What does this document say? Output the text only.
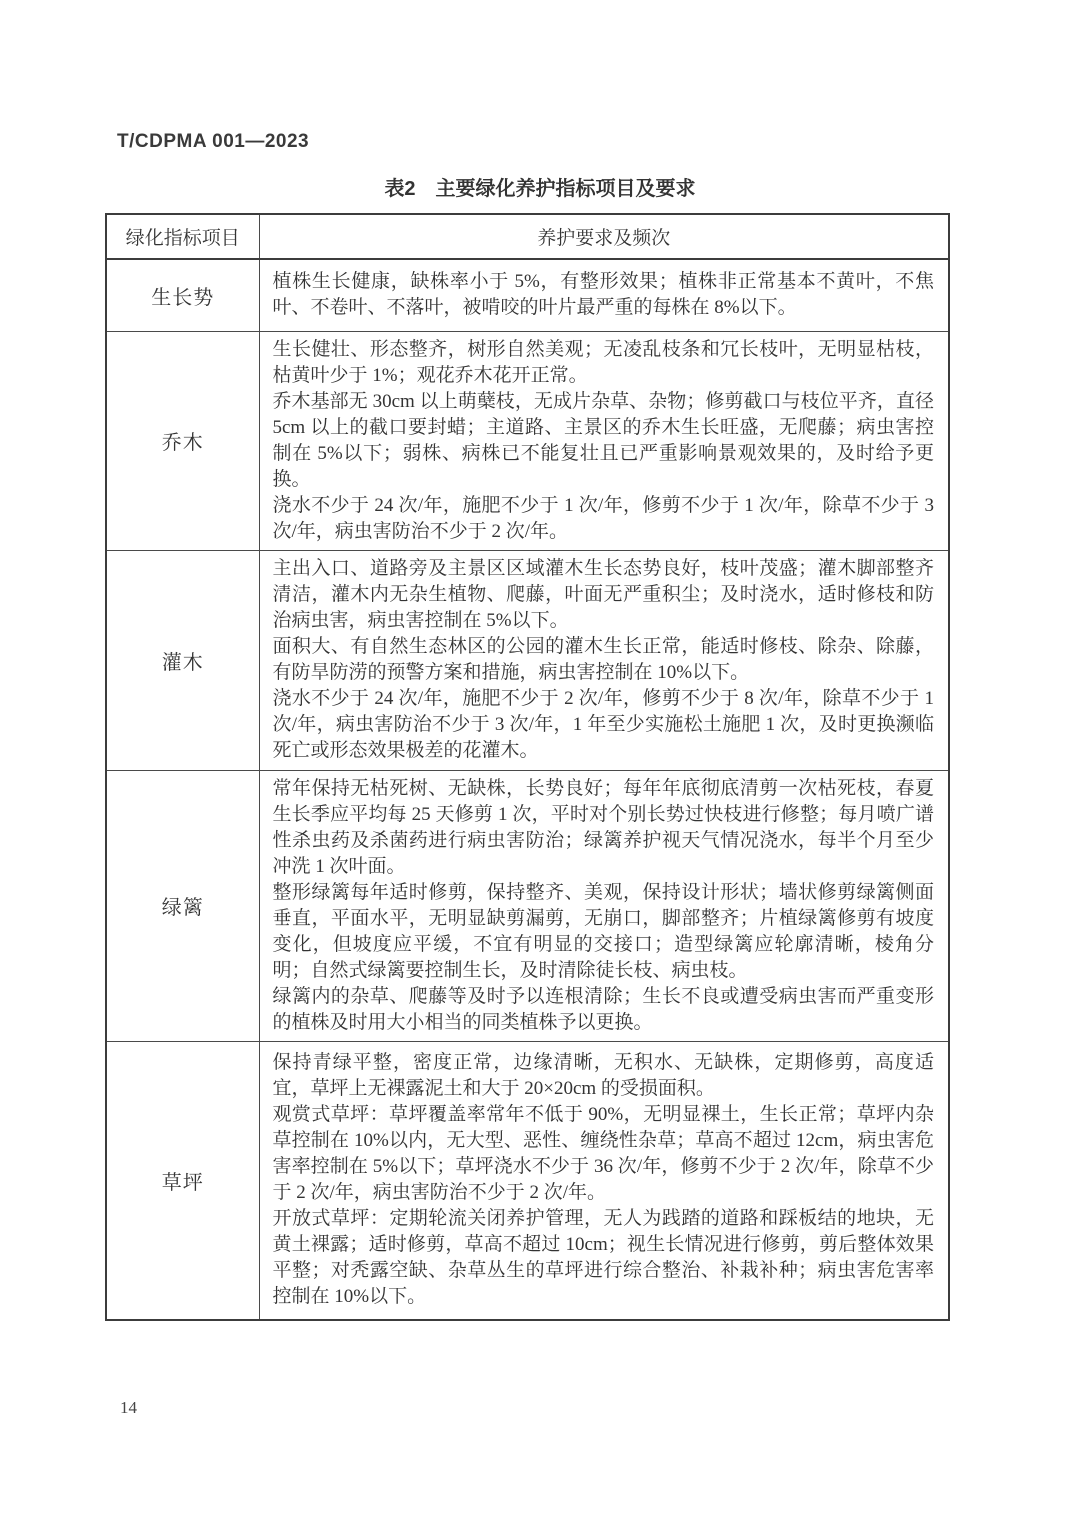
T/CDPMA 001—2023
表2　主要绿化养护指标项目及要求
绿化指标项目	养护要求及频次
生长势	植株生长健康，缺株率小于 5%，有整形效果；植株非正常基本不黄叶，不焦叶、不卷叶、不落叶，被啃咬的叶片最严重的每株在 8%以下。

乔木	生长健壮、形态整齐，树形自然美观；无凌乱枝条和冗长枝叶，无明显枯枝，枯黄叶少于 1%；观花乔木花开正常。

乔木基部无 30cm 以上萌蘖枝，无成片杂草、杂物；修剪截口与枝位平齐，直径 5cm 以上的截口要封蜡；主道路、主景区的乔木生长旺盛，无爬藤；病虫害控制在 5%以下；弱株、病株已不能复壮且已严重影响景观效果的，及时给予更换。

浇水不少于 24 次/年，施肥不少于 1 次/年，修剪不少于 1 次/年，除草不少于 3 次/年，病虫害防治不少于 2 次/年。

灌木	主出入口、道路旁及主景区区域灌木生长态势良好，枝叶茂盛；灌木脚部整齐清洁，灌木内无杂生植物、爬藤，叶面无严重积尘；及时浇水，适时修枝和防治病虫害，病虫害控制在 5%以下。

面积大、有自然生态林区的公园的灌木生长正常，能适时修枝、除杂、除藤，有防旱防涝的预警方案和措施，病虫害控制在 10%以下。

浇水不少于 24 次/年，施肥不少于 2 次/年，修剪不少于 8 次/年，除草不少于 1 次/年，病虫害防治不少于 3 次/年，1 年至少实施松土施肥 1 次，及时更换濒临死亡或形态效果极差的花灌木。

绿篱	常年保持无枯死树、无缺株，长势良好；每年年底彻底清剪一次枯死枝，春夏生长季应平均每 25 天修剪 1 次，平时对个别长势过快枝进行修整；每月喷广谱性杀虫药及杀菌药进行病虫害防治；绿篱养护视天气情况浇水，每半个月至少冲洗 1 次叶面。

整形绿篱每年适时修剪，保持整齐、美观，保持设计形状；墙状修剪绿篱侧面垂直，平面水平，无明显缺剪漏剪，无崩口，脚部整齐；片植绿篱修剪有坡度变化，但坡度应平缓，不宜有明显的交接口；造型绿篱应轮廓清晰，棱角分明；自然式绿篱要控制生长，及时清除徒长枝、病虫枝。

绿篱内的杂草、爬藤等及时予以连根清除；生长不良或遭受病虫害而严重变形的植株及时用大小相当的同类植株予以更换。

草坪	保持青绿平整，密度正常，边缘清晰，无积水、无缺株，定期修剪，高度适宜，草坪上无裸露泥土和大于 20×20cm 的受损面积。

观赏式草坪：草坪覆盖率常年不低于 90%，无明显裸土，生长正常；草坪内杂草控制在 10%以内，无大型、恶性、缠绕性杂草；草高不超过 12cm，病虫害危害率控制在 5%以下；草坪浇水不少于 36 次/年，修剪不少于 2 次/年，除草不少于 2 次/年，病虫害防治不少于 2 次/年。

开放式草坪：定期轮流关闭养护管理，无人为践踏的道路和踩板结的地块，无黄土裸露；适时修剪，草高不超过 10cm；视生长情况进行修剪，剪后整体效果平整；对秃露空缺、杂草丛生的草坪进行综合整治、补栽补种；病虫害危害率控制在 10%以下。

14
